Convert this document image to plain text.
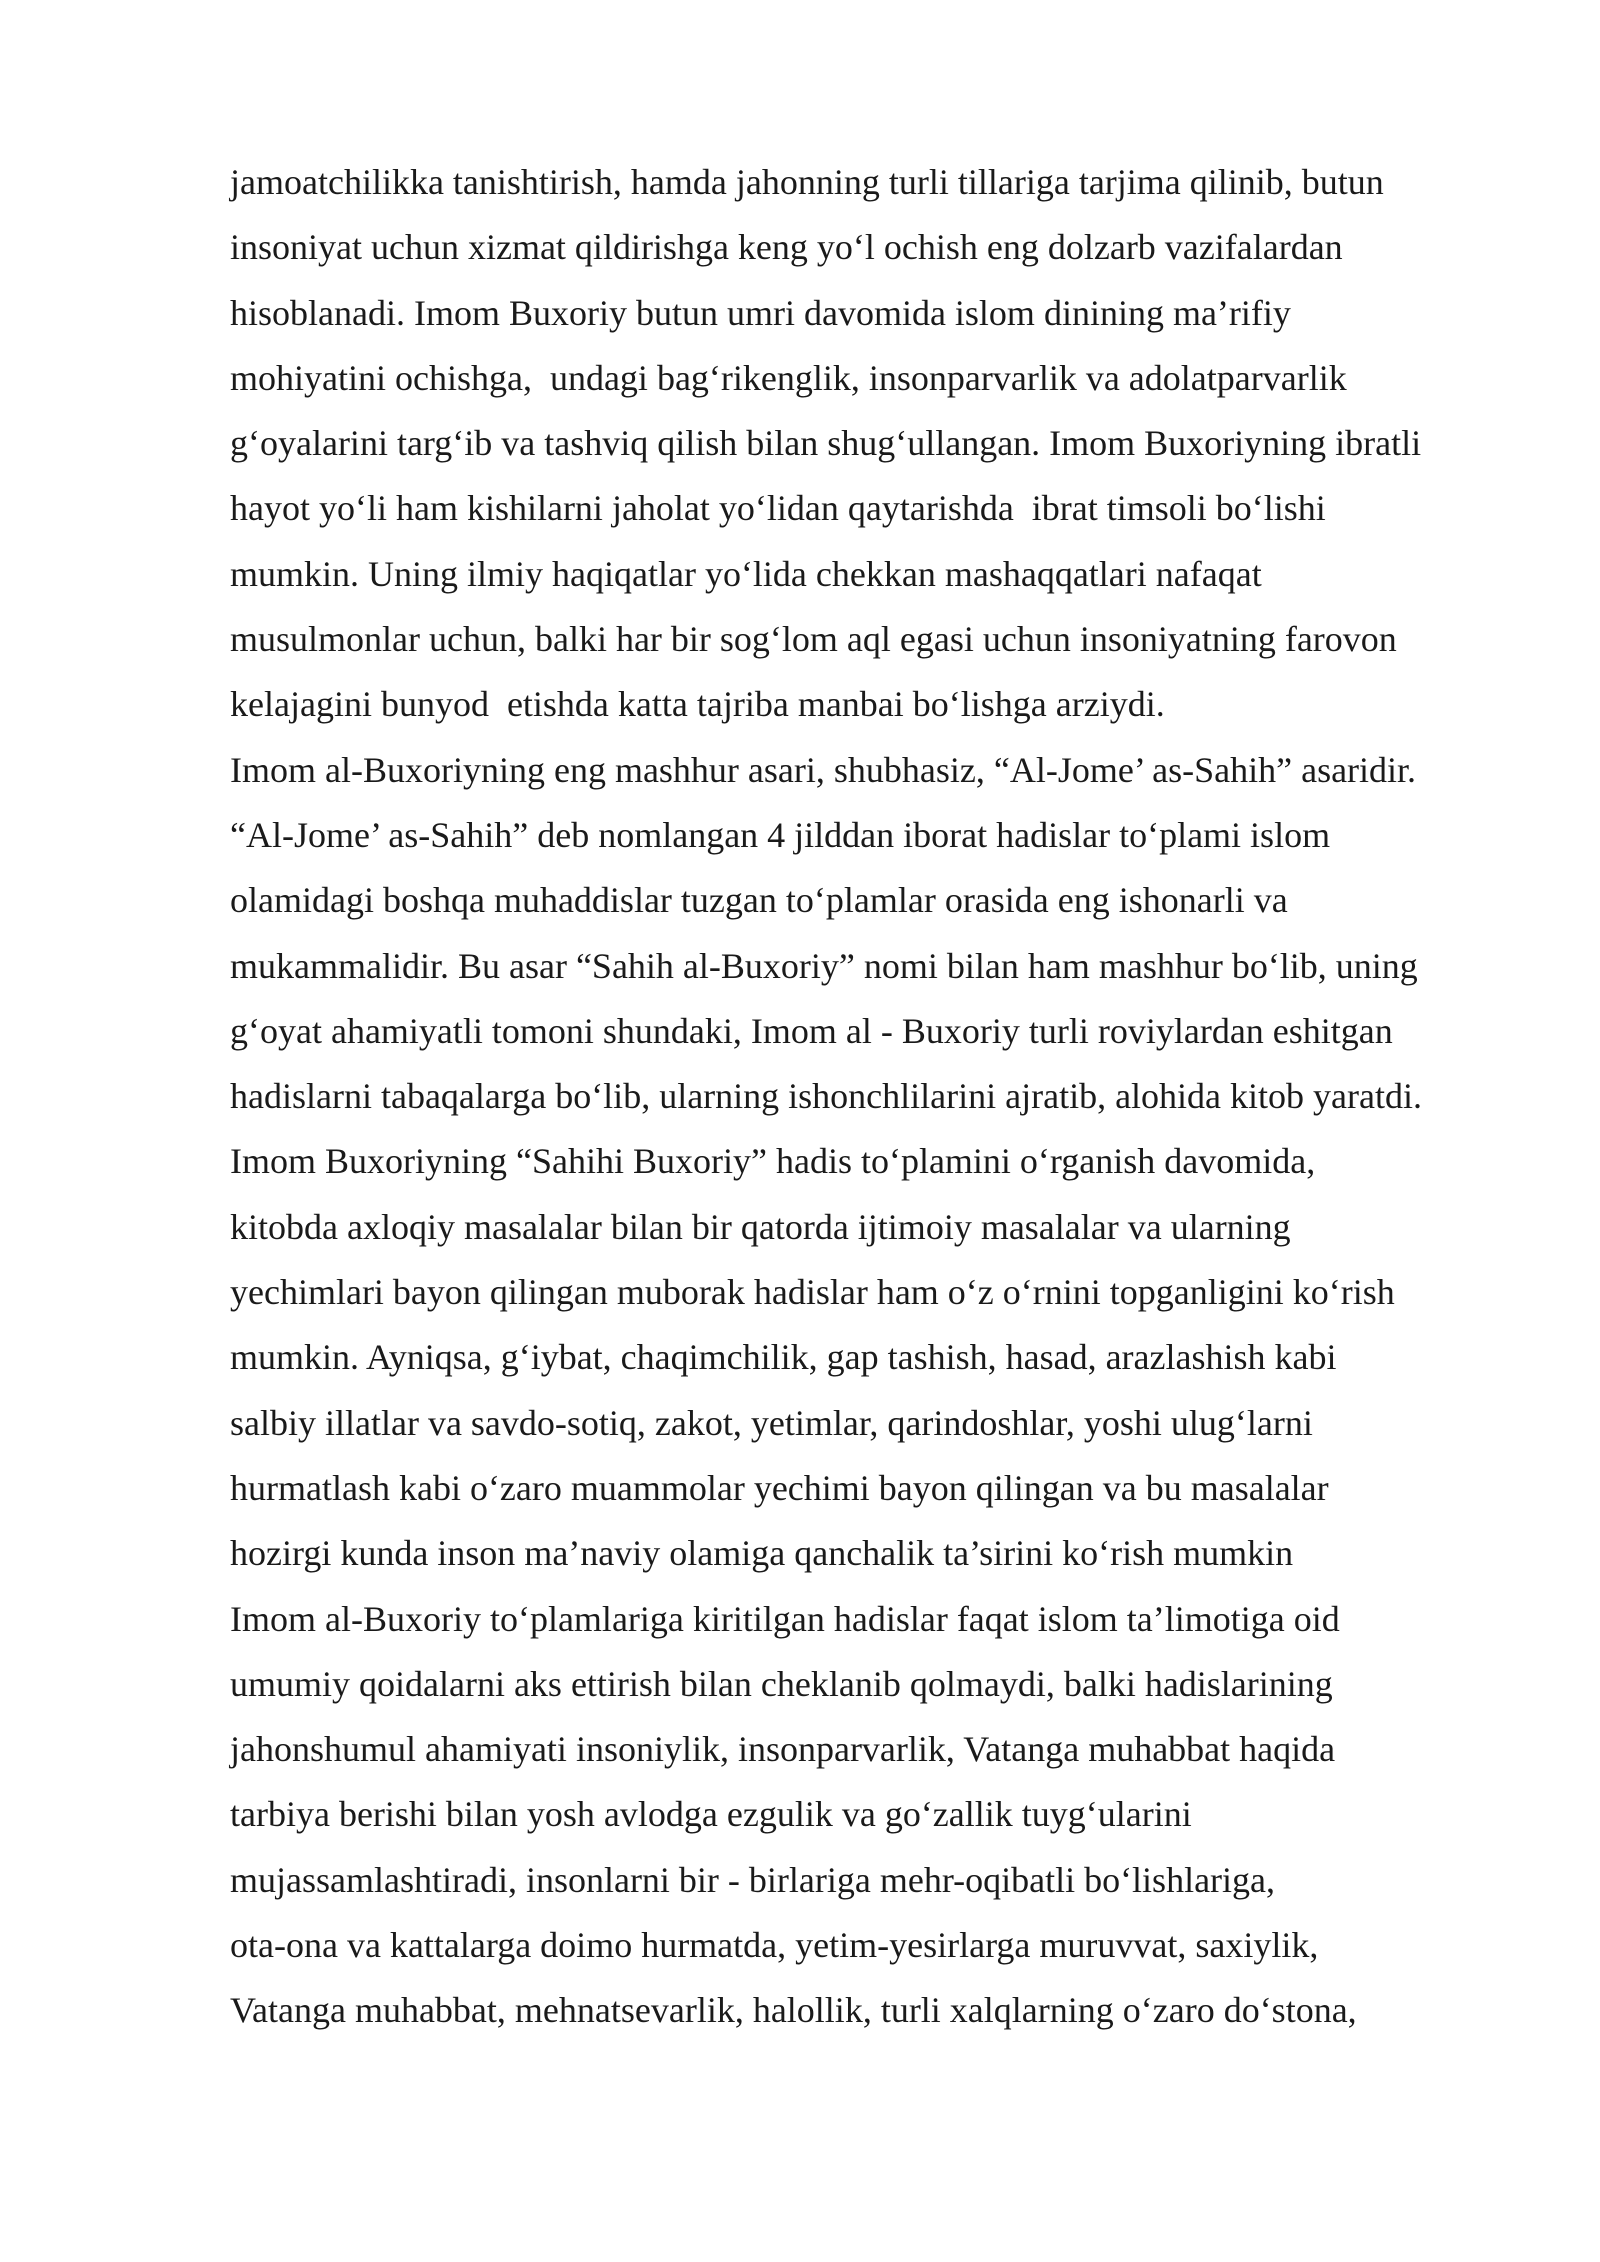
jamoatchilikka tanishtirish, hamda jahonning turli tillariga tarjima qilinib, butun
insoniyat uchun xizmat qildirishga keng yo‘l ochish eng dolzarb vazifalardan
hisoblanadi. Imom Buxoriy butun umri davomida islom dinining ma’rifiy
mohiyatini ochishga,  undagi bag‘rikenglik, insonparvarlik va adolatparvarlik
g‘oyalarini targ‘ib va tashviq qilish bilan shug‘ullangan. Imom Buxoriyning ibratli
hayot yo‘li ham kishilarni jaholat yo‘lidan qaytarishda  ibrat timsoli bo‘lishi
mumkin. Uning ilmiy haqiqatlar yo‘lida chekkan mashaqqatlari nafaqat
musulmonlar uchun, balki har bir sog‘lom aql egasi uchun insoniyatning farovon
kelajagini bunyod  etishda katta tajriba manbai bo‘lishga arziydi.
Imom al-Buxoriyning eng mashhur asari, shubhasiz, “Al-Jome’ as-Sahih” asaridir.
“Al-Jome’ as-Sahih” deb nomlangan 4 jilddan iborat hadislar to‘plami islom
olamidagi boshqa muhaddislar tuzgan to‘plamlar orasida eng ishonarli va
mukammalidir. Bu asar “Sahih al-Buxoriy” nomi bilan ham mashhur bo‘lib, uning
g‘oyat ahamiyatli tomoni shundaki, Imom al - Buxoriy turli roviylardan eshitgan
hadislarni tabaqalarga bo‘lib, ularning ishonchlilarini ajratib, alohida kitob yaratdi.
Imom Buxoriyning “Sahihi Buxoriy” hadis to‘plamini o‘rganish davomida,
kitobda axloqiy masalalar bilan bir qatorda ijtimoiy masalalar va ularning
yechimlari bayon qilingan muborak hadislar ham o‘z o‘rnini topganligini ko‘rish
mumkin. Ayniqsa, g‘iybat, chaqimchilik, gap tashish, hasad, arazlashish kabi
salbiy illatlar va savdo-sotiq, zakot, yetimlar, qarindoshlar, yoshi ulug‘larni
hurmatlash kabi o‘zaro muammolar yechimi bayon qilingan va bu masalalar
hozirgi kunda inson ma’naviy olamiga qanchalik ta’sirini ko‘rish mumkin
Imom al-Buxoriy to‘plamlariga kiritilgan hadislar faqat islom ta’limotiga oid
umumiy qoidalarni aks ettirish bilan cheklanib qolmaydi, balki hadislarining
jahonshumul ahamiyati insoniylik, insonparvarlik, Vatanga muhabbat haqida
tarbiya berishi bilan yosh avlodga ezgulik va go‘zallik tuyg‘ularini
mujassamlashtiradi, insonlarni bir - birlariga mehr-oqibatli bo‘lishlariga,
ota-ona va kattalarga doimo hurmatda, yetim-yesirlarga muruvvat, saxiylik,
Vatanga muhabbat, mehnatsevarlik, halollik, turli xalqlarning o‘zaro do‘stona,
